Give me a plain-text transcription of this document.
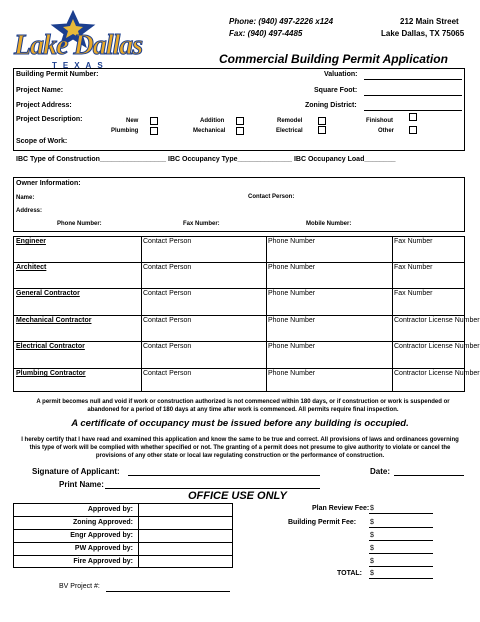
Lake Dallas
TEXAS
Phone: (940) 497-2226 x124
Fax: (940) 497-4485
212 Main Street
Lake Dallas, TX 75065
Commercial Building Permit Application
Building Permit Number:	Valuation:
Project Name:	Square Foot:
Project Address:	Zoning District:
Project Description:	New	Addition	Remodel	Finishout
Plumbing	Mechanical	Electrical	Other
Scope of Work:
IBC Type of Construction_________________ IBC Occupancy Type______________ IBC Occupancy Load________
Owner Information:
Name:	Contact Person:
Address:
Phone Number:	Fax Number:	Mobile Number:
Engineer	Contact Person	Phone Number	Fax Number
Architect	Contact Person	Phone Number	Fax Number
General Contractor	Contact Person	Phone Number	Fax Number
Mechanical Contractor	Contact Person	Phone Number	Contractor License Number
Electrical Contractor	Contact Person	Phone Number	Contractor License Number
Plumbing Contractor	Contact Person	Phone Number	Contractor License Number
A permit becomes null and void if work or construction authorized is not commenced within 180 days, or if construction or work is suspended or abandoned for a period of 180 days at any time after work is commenced. All permits require final inspection.
A certificate of occupancy must be issued before any building is occupied.
I hereby certify that I have read and examined this application and know the same to be true and correct. All provisions of laws and ordinances governing this type of work will be complied with whether specified or not. The granting of a permit does not presume to give authority to violate or cancel the provisions of any other state or local law regulating construction or the performance of construction.
Signature of Applicant:	Date:
Print Name:
OFFICE USE ONLY
Approved by:
Zoning Approved:
Engr Approved by:
PW Approved by:
Fire Approved by:
Plan Review Fee: $
Building Permit Fee: $
$
$
$
TOTAL: $
BV Project #:
